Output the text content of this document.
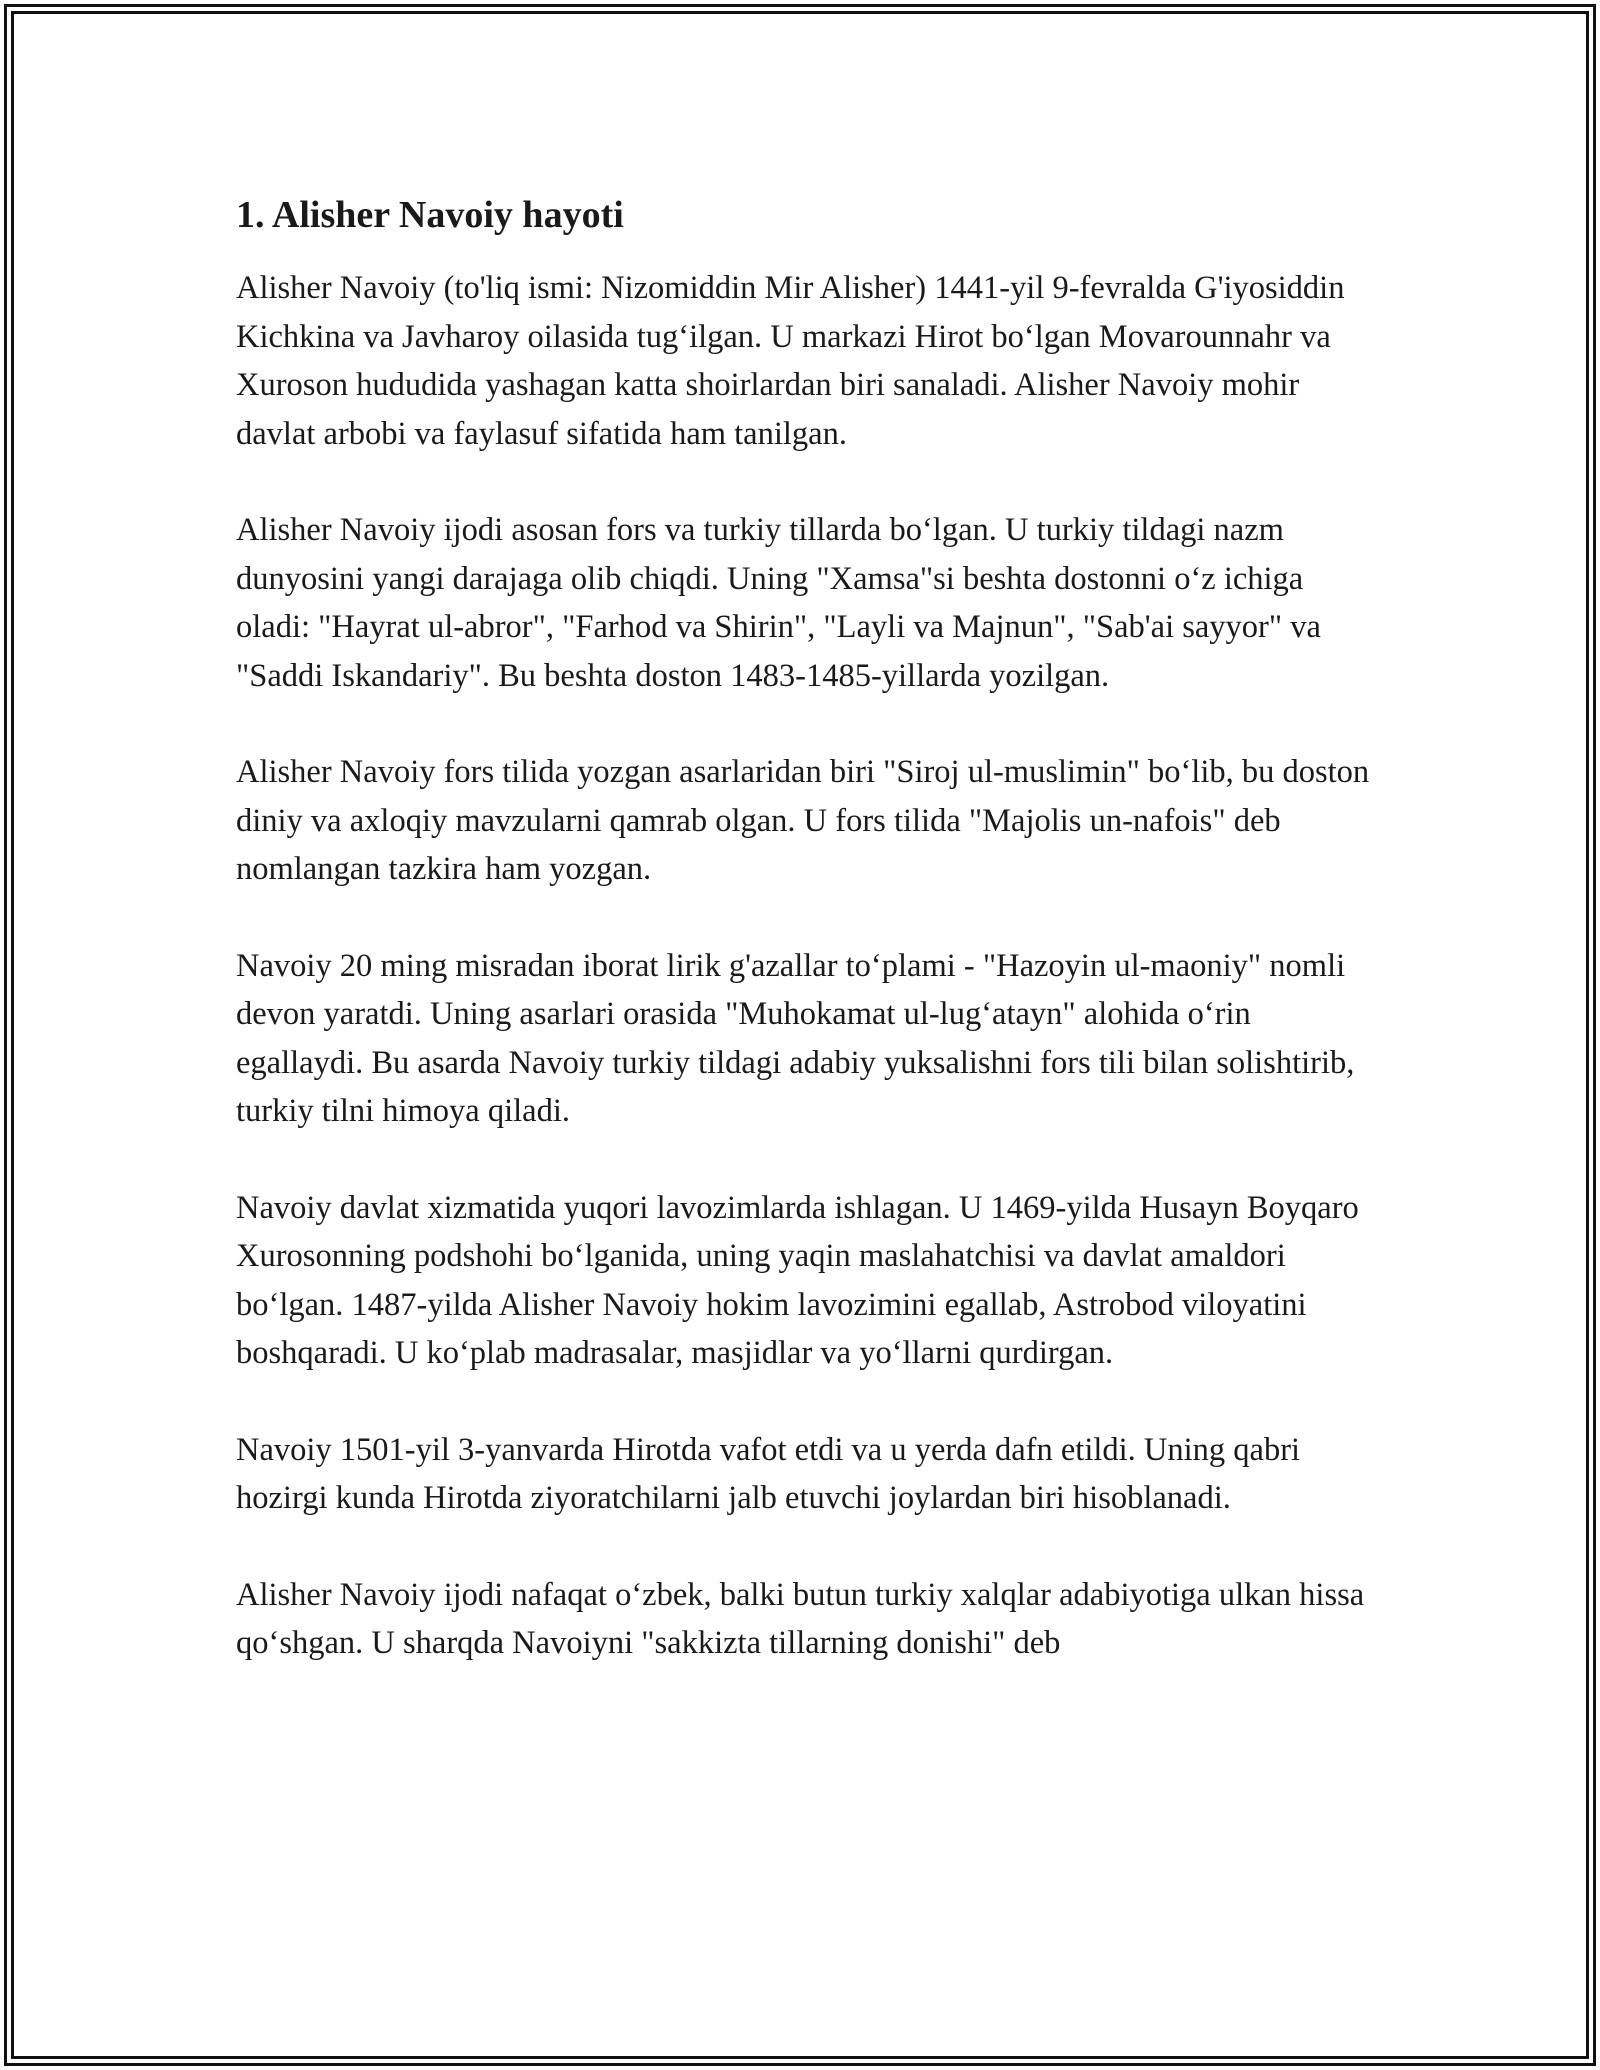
1. Alisher Navoiy hayoti

Alisher Navoiy (to'liq ismi: Nizomiddin Mir Alisher) 1441-yil 9-fevralda G'iyosiddin Kichkina va Javharoy oilasida tug‘ilgan. U markazi Hirot bo‘lgan Movarounnahr va Xuroson hududida yashagan katta shoirlardan biri sanaladi. Alisher Navoiy mohir davlat arbobi va faylasuf sifatida ham tanilgan.

Alisher Navoiy ijodi asosan fors va turkiy tillarda bo‘lgan. U turkiy tildagi nazm dunyosini yangi darajaga olib chiqdi. Uning "Xamsa"si beshta dostonni o‘z ichiga oladi: "Hayrat ul-abror", "Farhod va Shirin", "Layli va Majnun", "Sab'ai sayyor" va "Saddi Iskandariy". Bu beshta doston 1483-1485-yillarda yozilgan.

Alisher Navoiy fors tilida yozgan asarlaridan biri "Siroj ul-muslimin" bo‘lib, bu doston diniy va axloqiy mavzularni qamrab olgan. U fors tilida "Majolis un-nafois" deb nomlangan tazkira ham yozgan.

Navoiy 20 ming misradan iborat lirik g'azallar to‘plami - "Hazoyin ul-maoniy" nomli devon yaratdi. Uning asarlari orasida "Muhokamat ul-lug‘atayn" alohida o‘rin egallaydi. Bu asarda Navoiy turkiy tildagi adabiy yuksalishni fors tili bilan solishtirib, turkiy tilni himoya qiladi.

Navoiy davlat xizmatida yuqori lavozimlarda ishlagan. U 1469-yilda Husayn Boyqaro Xurosonning podshohi bo‘lganida, uning yaqin maslahatchisi va davlat amaldori bo‘lgan. 1487-yilda Alisher Navoiy hokim lavozimini egallab, Astrobod viloyatini boshqaradi. U ko‘plab madrasalar, masjidlar va yo‘llarni qurdirgan.

Navoiy 1501-yil 3-yanvarda Hirotda vafot etdi va u yerda dafn etildi. Uning qabri hozirgi kunda Hirotda ziyoratchilarni jalb etuvchi joylardan biri hisoblanadi.

Alisher Navoiy ijodi nafaqat o‘zbek, balki butun turkiy xalqlar adabiyotiga ulkan hissa qo‘shgan. U sharqda Navoiyni "sakkizta tillarning donishi" deb
